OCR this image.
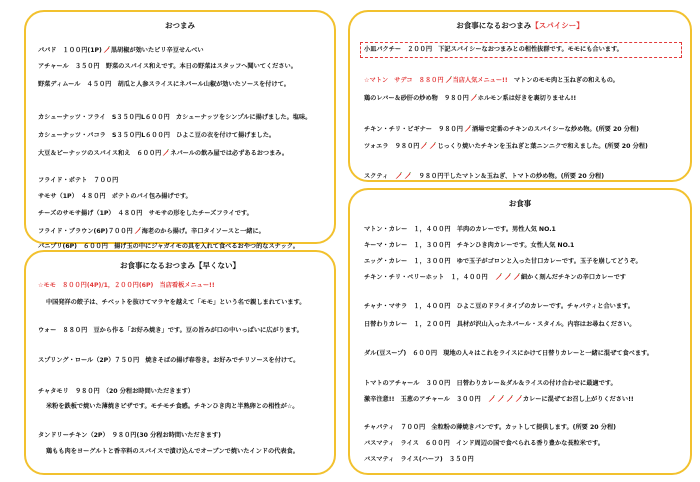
おつまみ
パパド　１００円(1P) 黒胡椒が効いたピリ辛豆せんべい
アチャール　３５０円　野菜のスパイス和えです。本日の野菜はスタッフへ聞いてください。
野菜ディムール　４５０円　胡瓜と人参スライスにネパール山椒が効いたソースを付けて。
カシューナッツ・フライ　S３５０円L６００円　カシューナッツをシンプルに揚げました。塩味。
カシューナッツ・パコラ　S３５０円L６００円　ひよこ豆の衣を付けて揚げました。
大豆＆ピーナッツのスパイス和え　６００円 ネパールの飲み屋では必ずあるおつまみ。
フライド・ポテト　７００円
サモサ（1P）　４８０円　ポテトのパイ包み揚げです。
チーズのサモサ揚げ（1P）　４８０円　サモサの形をしたチーズフライです。
フライド・ブラウン(6P)７００円 海老のから揚げ。辛口タイソースと一緒に。
パニプリ(6P)　６００円　揚げ玉の中にジャガイモの具を入れて食べるおやつ的なスナック。
お食事になるおつまみ【早くない】
☆モモ　８００円(4P)/1，２００円(6P)　 当店看板メニュー!!
中国発祥の餃子は、チベットを抜けてマラヤを越えて「モモ」という名で親しまれています。
ウォー　８８０円　豆から作る「お好み焼き」です。豆の旨みが口の中いっぱいに広がります。
スプリング・ロール（2P）７５０円　焼きそばの揚げ春巻き。お好みでチリソースを付けて。
チャタモリ　９８０円　（20 分程お時間いただきます）
米粉を鉄板で焼いた薄焼きピザです。モチモチ食感。チキンひき肉と半熟卵との相性が☆。
タンドリーチキン（2P）　９８０円(30 分程お時間いただきます)
鶏もも肉をヨーグルトと香辛料のスパイスで漬け込んでオーブンで焼いたインドの代表食。
お食事になるおつまみ【スパイシー】
小皿パクチー　２００円　下記スパイシーなおつまみとの相性抜群です。モモにも合います。
☆マトン　サデコ　８８０円 当店人気メニュー!!　 マトンのモモ肉と玉ねぎの和えもの。
鶏のレバー＆砂肝の炒め物　９８０円 ホルモン系は好きを裏切りません!!
チキン・チリ・ビギナー　９８０円 酒場で定番のチキンのスパイシーな炒め物。(所要 20 分程)
ツォエラ　９８０円	じっくり焼いたチキンを玉ねぎと葉ニンニクで和えました。(所要 20 分程)
スクティ　　	９８０円干したマトン＆玉ねぎ、トマトの炒め物。(所要 20 分程)
お食事
マトン・カレー　１，４００円　羊肉のカレーです。男性人気 NO.1
キーマ・カレー　１，３００円　チキンひき肉カレーです。女性人気 NO.1
エッグ・カレー　１，３００円　ゆで玉子がゴロンと入った甘口カレーです。玉子を崩してどうぞ。
チキン・チリ・ペリーホット　１，４００円　	細かく刻んだチキンの辛口カレーです
チャナ・マサラ　１，４００円　ひよこ豆のドライタイプのカレーです。チャパティと合います。
日替わりカレー　１，２００円　具材が沢山入ったネパール・スタイル。内容はお尋ねください。
ダル(豆スープ)　６００円　現地の人々はこれをライスにかけて日替りカレーと一緒に混ぜて食べます。
トマトのアチャール　３００円　日替わりカレー＆ダル＆ライスの付け合わせに最適です。
激辛注意!!　玉葱のアチャール　３００円　	カレーに混ぜてお召し上がりください!!
チャパティ　７００円　全粒粉の薄焼きパンです。カットして提供します。(所要 20 分程)
バスマティ　ライス　６００円　インド周辺の国で食べられる香り豊かな長粒米です。
バスマティ　ライス(ハーフ)　３５０円
